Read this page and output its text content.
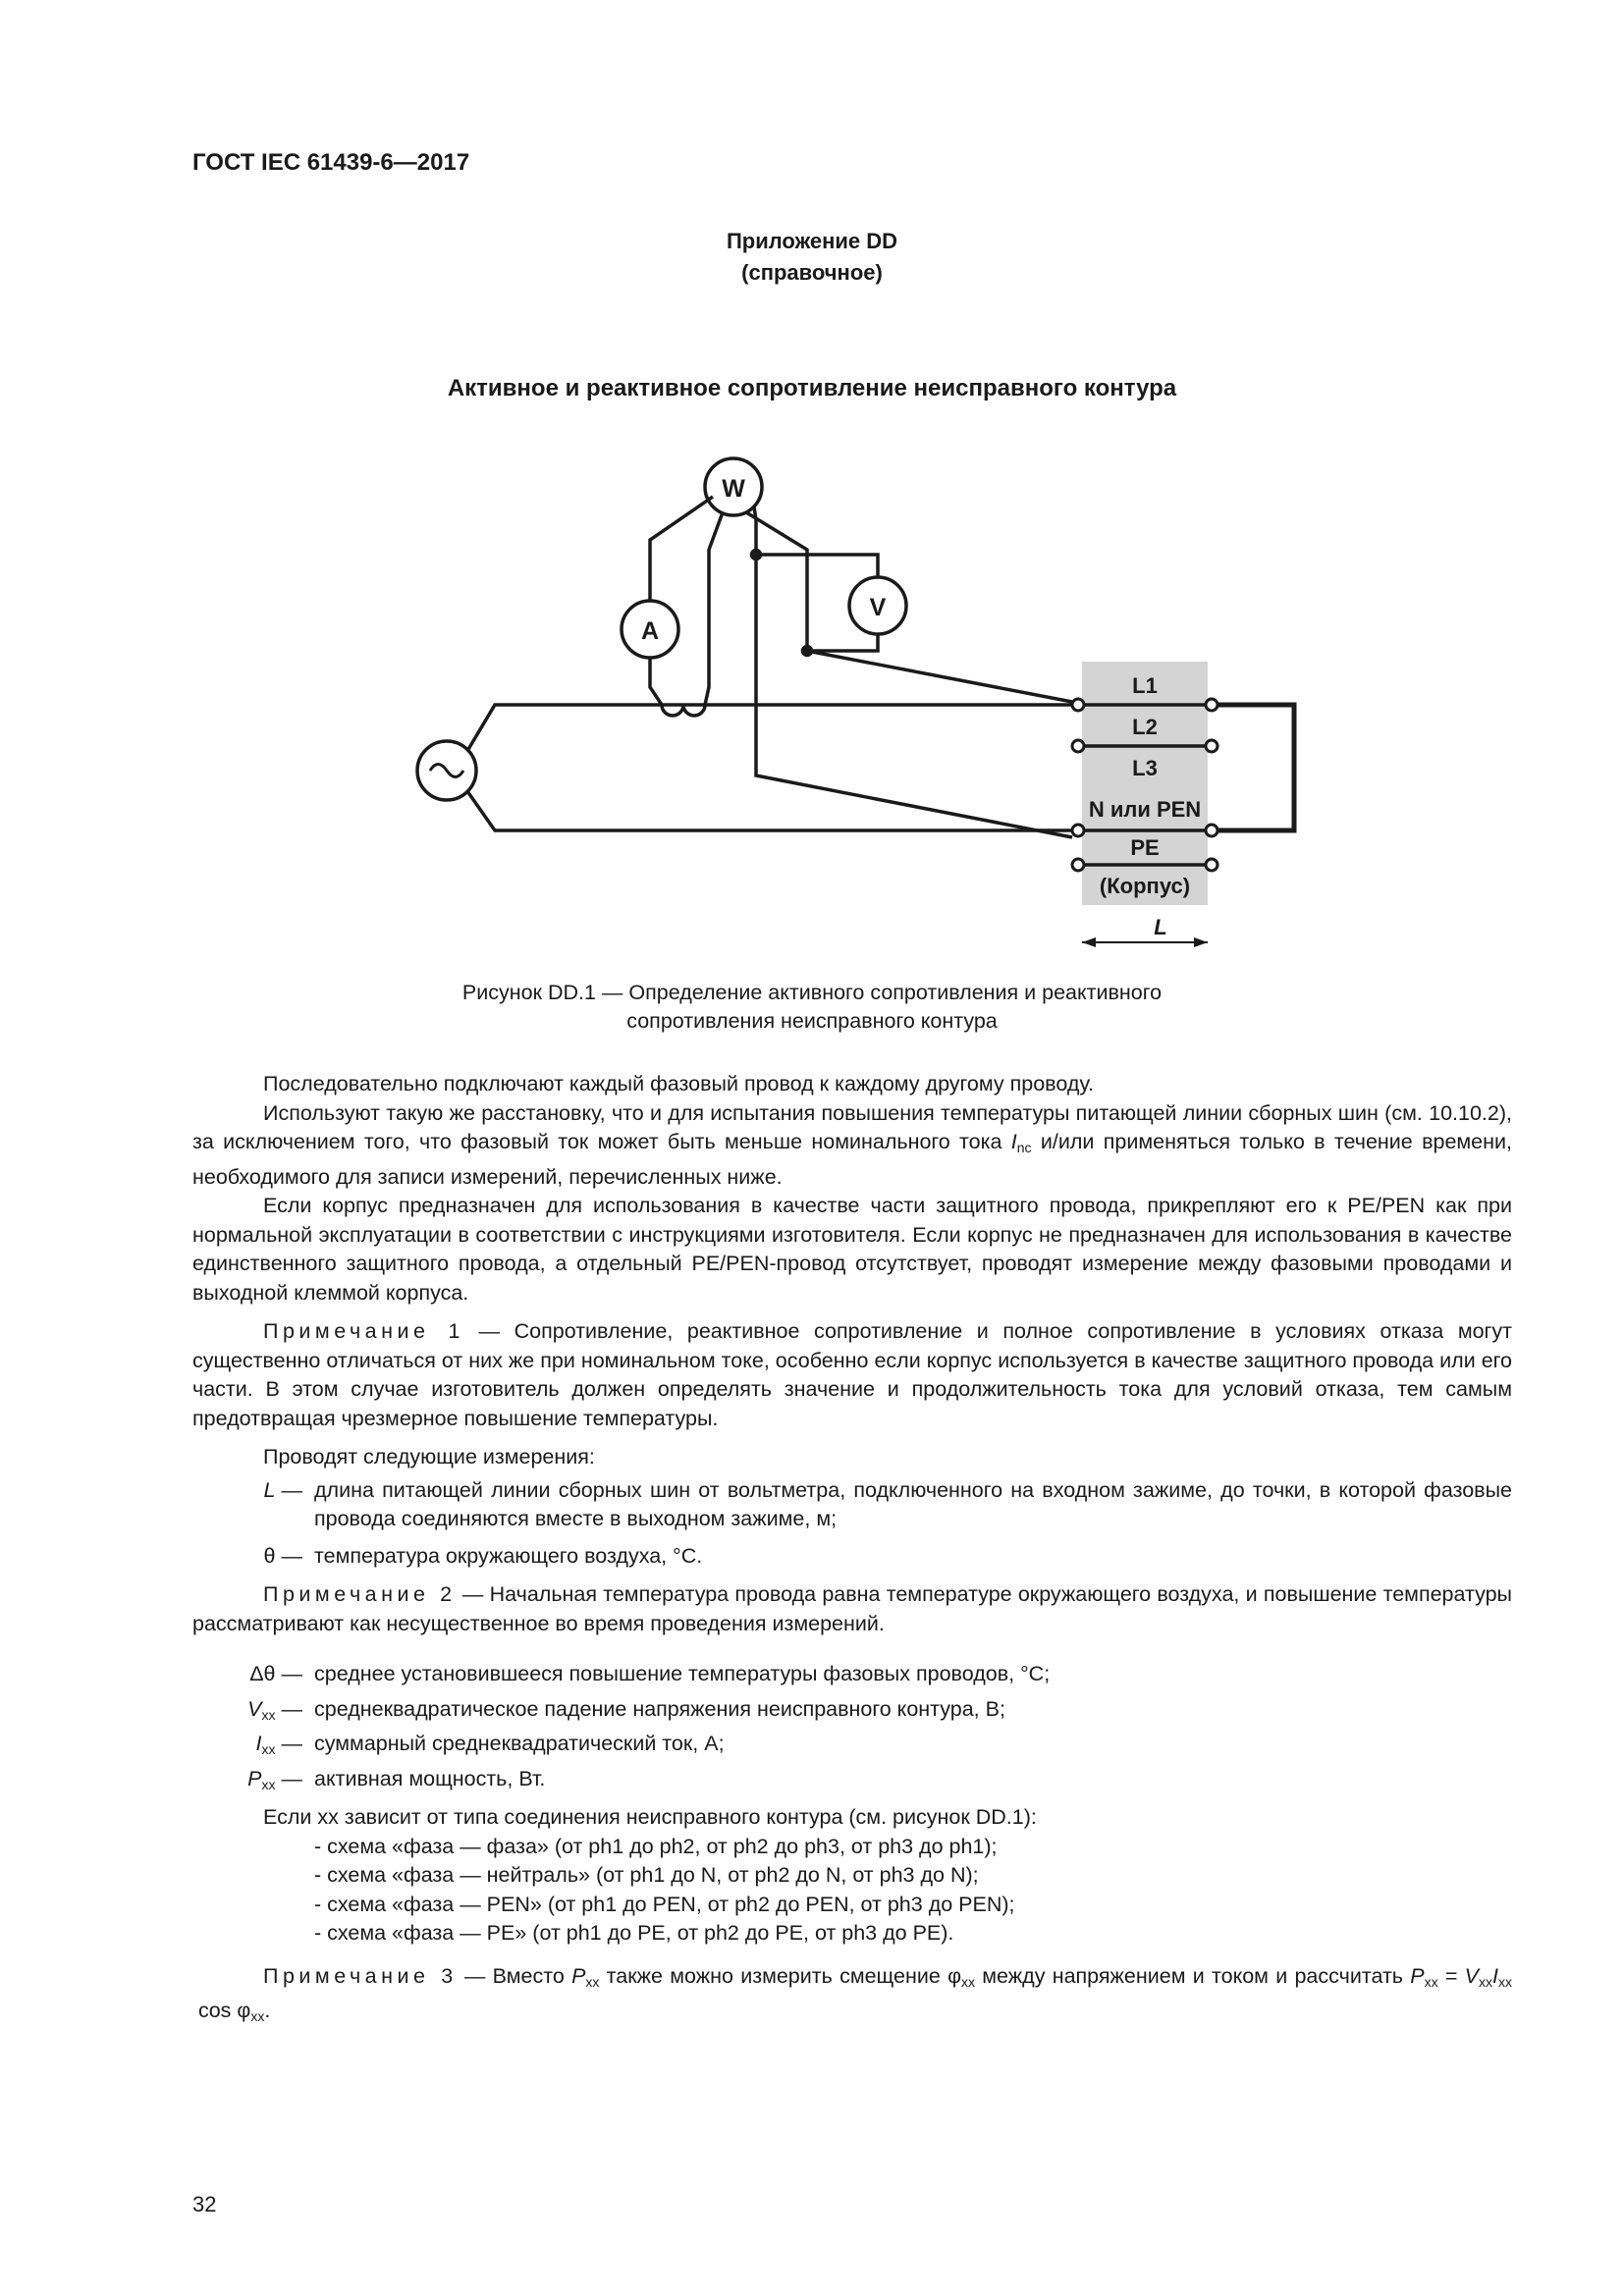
ГОСТ IEC 61439-6—2017
Приложение DD
(справочное)
Активное и реактивное сопротивление неисправного контура
W
A
V
L1
L2
L3
N или PEN
PE
(Корпус)
L
Рисунок DD.1 — Определение активного сопротивления и реактивного
сопротивления неисправного контура

Последовательно подключают каждый фазовый провод к каждому другому проводу.

Используют такую же расстановку, что и для испытания повышения температуры питающей линии сборных шин (см. 10.10.2), за исключением того, что фазовый ток может быть меньше номинального тока $I_{nc}$ и/или применяться только в течение времени, необходимого для записи измерений, перечисленных ниже.

Если корпус предназначен для использования в качестве части защитного провода, прикрепляют его к PE/PEN как при нормальной эксплуатации в соответствии с инструкциями изготовителя. Если корпус не предназначен для использования в качестве единственного защитного провода, а отдельный PE/PEN-провод отсутствует, проводят измерение между фазовыми проводами и выходной клеммой корпуса.

Примечание 1 — Сопротивление, реактивное сопротивление и полное сопротивление в условиях отказа могут существенно отличаться от них же при номинальном токе, особенно если корпус используется в качестве защитного провода или его части. В этом случае изготовитель должен определять значение и продолжительность тока для условий отказа, тем самым предотвращая чрезмерное повышение температуры.

Проводят следующие измерения:

L — длина питающей линии сборных шин от вольтметра, подключенного на входном зажиме, до точки, в которой фазовые провода соединяются вместе в выходном зажиме, м;

θ — температура окружающего воздуха, °C.

Примечание 2 — Начальная температура провода равна температуре окружающего воздуха, и повышение температуры рассматривают как несущественное во время проведения измерений.

Δθ — среднее установившееся повышение температуры фазовых проводов, °C;

$V_{xx}$ — среднеквадратическое падение напряжения неисправного контура, В;

$I_{xx}$ — суммарный среднеквадратический ток, А;

$P_{xx}$ — активная мощность, Вт.

Если xx зависит от типа соединения неисправного контура (см. рисунок DD.1):

- схема «фаза — фаза» (от ph1 до ph2, от ph2 до ph3, от ph3 до ph1);
- схема «фаза — нейтраль» (от ph1 до N, от ph2 до N, от ph3 до N);
- схема «фаза — PEN» (от ph1 до PEN, от ph2 до PEN, от ph3 до PEN);
- схема «фаза — PE» (от ph1 до PE, от ph2 до PE, от ph3 до PE).

Примечание 3 — Вместо $P_{xx}$ также можно измерить смещение $\varphi_{xx}$ между напряжением и током и рассчитать $P_{xx} = V_{xx}I_{xx}$ $\cos \varphi_{xx}$.

32
